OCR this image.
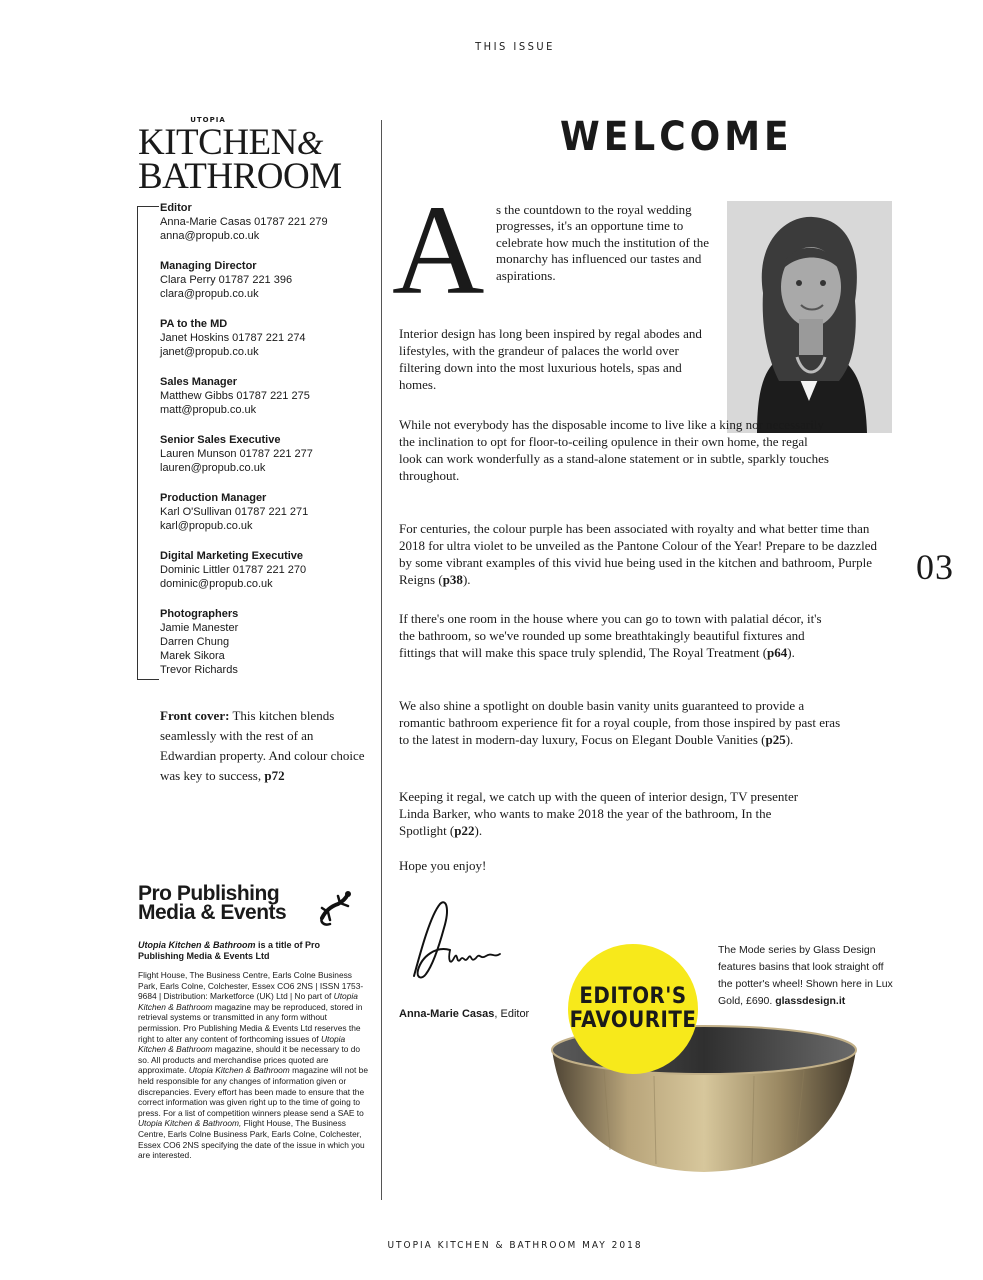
THIS ISSUE
UTOPIA
KITCHEN&
BATHROOM
Editor
Anna-Marie Casas 01787 221 279
anna@propub.co.uk
Managing Director
Clara Perry 01787 221 396
clara@propub.co.uk
PA to the MD
Janet Hoskins 01787 221 274
janet@propub.co.uk
Sales Manager
Matthew Gibbs 01787 221 275
matt@propub.co.uk
Senior Sales Executive
Lauren Munson 01787 221 277
lauren@propub.co.uk
Production Manager
Karl O'Sullivan 01787 221 271
karl@propub.co.uk
Digital Marketing Executive
Dominic Littler 01787 221 270
dominic@propub.co.uk
Photographers
Jamie Manester
Darren Chung
Marek Sikora
Trevor Richards
Front cover: This kitchen blends seamlessly with the rest of an Edwardian property. And colour choice was key to success, p72
Pro Publishing
Media & Events
Utopia Kitchen & Bathroom is a title of Pro Publishing Media & Events Ltd
Flight House, The Business Centre, Earls Colne Business Park, Earls Colne, Colchester, Essex CO6 2NS | ISSN 1753-9684 | Distribution: Marketforce (UK) Ltd | No part of Utopia Kitchen & Bathroom magazine may be reproduced, stored in retrieval systems or transmitted in any form without permission. Pro Publishing Media & Events Ltd reserves the right to alter any content of forthcoming issues of Utopia Kitchen & Bathroom magazine, should it be necessary to do so. All products and merchandise prices quoted are approximate. Utopia Kitchen & Bathroom magazine will not be held responsible for any changes of information given or discrepancies. Every effort has been made to ensure that the correct information was given right up to the time of going to press. For a list of competition winners please send a SAE to Utopia Kitchen & Bathroom, Flight House, The Business Centre, Earls Colne Business Park, Earls Colne, Colchester, Essex CO6 2NS specifying the date of the issue in which you are interested.
WELCOME
A s the countdown to the royal wedding progresses, it's an opportune time to celebrate how much the institution of the monarchy has influenced our tastes and aspirations.
Interior design has long been inspired by regal abodes and lifestyles, with the grandeur of palaces the world over filtering down into the most luxurious hotels, spas and homes.
While not everybody has the disposable income to live like a king nor necessarily the inclination to opt for floor-to-ceiling opulence in their own home, the regal look can work wonderfully as a stand-alone statement or in subtle, sparkly touches throughout.
For centuries, the colour purple has been associated with royalty and what better time than 2018 for ultra violet to be unveiled as the Pantone Colour of the Year! Prepare to be dazzled by some vibrant examples of this vivid hue being used in the kitchen and bathroom, Purple Reigns (p38).
If there's one room in the house where you can go to town with palatial décor, it's the bathroom, so we've rounded up some breathtakingly beautiful fixtures and fittings that will make this space truly splendid, The Royal Treatment (p64).
We also shine a spotlight on double basin vanity units guaranteed to provide a romantic bathroom experience fit for a royal couple, from those inspired by past eras to the latest in modern-day luxury, Focus on Elegant Double Vanities (p25).
Keeping it regal, we catch up with the queen of interior design, TV presenter Linda Barker, who wants to make 2018 the year of the bathroom, In the Spotlight (p22).
Hope you enjoy!
03
Anna-Marie Casas, Editor
EDITOR'S
FAVOURITE
The Mode series by Glass Design features basins that look straight off the potter's wheel! Shown here in Lux Gold, £690. glassdesign.it
UTOPIA KITCHEN & BATHROOM MAY 2018
